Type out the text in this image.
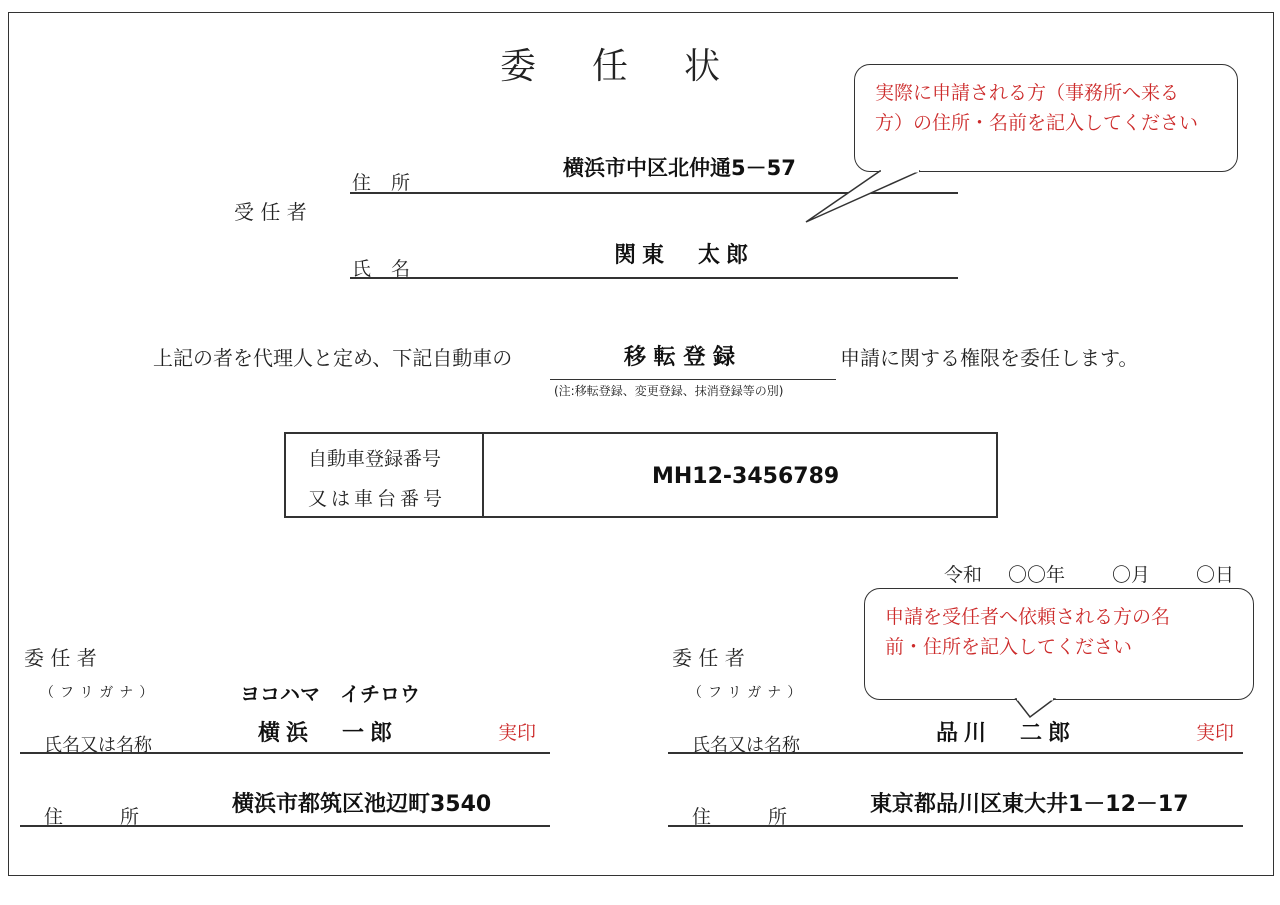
委 任 状
受 任 者
住 所
横浜市中区北仲通5－57
氏 名
関東　太郎
上記の者を代理人と定め、下記自動車の	移 転 登 録	申請に関する権限を委任します。
(注:移転登録、変更登録、抹消登録等の別)
自動車登録番号
又は車台番号
MH12-3456789
令和 〇〇年 〇月 〇日
委 任 者
（フリガナ）	ヨコハマ　イチロウ
氏名又は名称	横浜　一郎	実印
住　　　所	横浜市都筑区池辺町3540
委 任 者
（フリガナ）
氏名又は名称	品川　二郎	実印
住　　　所	東京都品川区東大井1－12－17
実際に申請される方（事務所へ来る
方）の住所・名前を記入してください
申請を受任者へ依頼される方の名
前・住所を記入してください
